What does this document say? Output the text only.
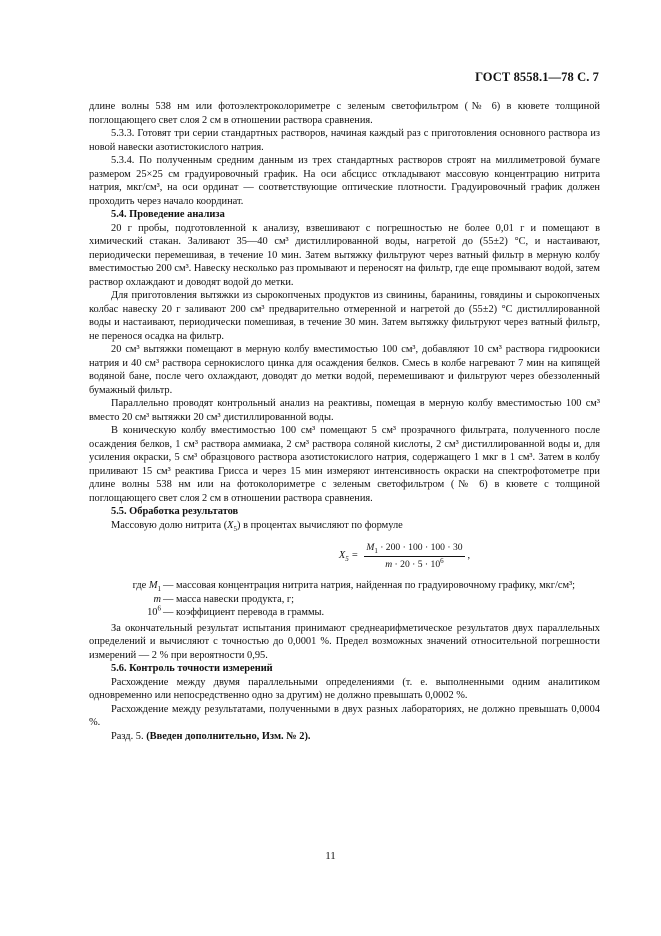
ГОСТ 8558.1—78 С. 7

длине волны 538 нм или фотоэлектроколориметре с зеленым светофильтром (№ 6) в кювете толщиной поглощающего свет слоя 2 см в отношении раствора сравнения.

5.3.3. Готовят три серии стандартных растворов, начиная каждый раз с приготовления основного раствора из новой навески азотистокислого натрия.

5.3.4. По полученным средним данным из трех стандартных растворов строят на миллиметровой бумаге размером 25×25 см градуировочный график. На оси абсцисс откладывают массовую концентрацию нитрита натрия, мкг/см³, на оси ординат — соответствующие оптические плотности. Градуировочный график должен проходить через начало координат.

5.4. Проведение анализа

20 г пробы, подготовленной к анализу, взвешивают с погрешностью не более 0,01 г и помещают в химический стакан. Заливают 35—40 см³ дистиллированной воды, нагретой до (55±2) °С, и настаивают, периодически перемешивая, в течение 10 мин. Затем вытяжку фильтруют через ватный фильтр в мерную колбу вместимостью 200 см³. Навеску несколько раз промывают и переносят на фильтр, где еще промывают водой, затем раствор охлаждают и доводят водой до метки.

Для приготовления вытяжки из сырокопченых продуктов из свинины, баранины, говядины и сырокопченых колбас навеску 20 г заливают 200 см³ предварительно отмеренной и нагретой до (55±2) °С дистиллированной воды и настаивают, периодически помешивая, в течение 30 мин. Затем вытяжку фильтруют через ватный фильтр, не перенося осадка на фильтр.

20 см³ вытяжки помещают в мерную колбу вместимостью 100 см³, добавляют 10 см³ раствора гидроокиси натрия и 40 см³ раствора сернокислого цинка для осаждения белков. Смесь в колбе нагревают 7 мин на кипящей водяной бане, после чего охлаждают, доводят до метки водой, перемешивают и фильтруют через обеззоленный бумажный фильтр.

Параллельно проводят контрольный анализ на реактивы, помещая в мерную колбу вместимостью 100 см³ вместо 20 см³ вытяжки 20 см³ дистиллированной воды.

В коническую колбу вместимостью 100 см³ помещают 5 см³ прозрачного фильтрата, полученного после осаждения белков, 1 см³ раствора аммиака, 2 см³ раствора соляной кислоты, 2 см³ дистиллированной воды и, для усиления окраски, 5 см³ образцового раствора азотистокислого натрия, содержащего 1 мкг в 1 см³. Затем в колбу приливают 15 см³ реактива Грисса и через 15 мин измеряют интенсивность окраски на спектрофотометре при длине волны 538 нм или на фотоколориметре с зеленым светофильтром (№ 6) в кювете с толщиной поглощающего свет слоя 2 см в отношении раствора сравнения.

5.5. Обработка результатов

Массовую долю нитрита $(X_5)$ в процентах вычисляют по формуле

$X_5 = \frac{M_1 \cdot 200 \cdot 100 \cdot 100 \cdot 30}{m \cdot 20 \cdot 5 \cdot 10^6}$ ,
где $M_1$ — массовая концентрация нитрита натрия, найденная по градуировочному графику, мкг/см³;
m — масса навески продукта, г;
$10^6$ — коэффициент перевода в граммы.

За окончательный результат испытания принимают среднеарифметическое результатов двух параллельных определений и вычисляют с точностью до 0,0001 %. Предел возможных значений относительной погрешности измерений — 2 % при вероятности 0,95.

5.6. Контроль точности измерений

Расхождение между двумя параллельными определениями (т. е. выполненными одним аналитиком одновременно или непосредственно одно за другим) не должно превышать 0,0002 %.

Расхождение между результатами, полученными в двух разных лабораториях, не должно превышать 0,0004 %.

Разд. 5. (Введен дополнительно, Изм. № 2).

11
